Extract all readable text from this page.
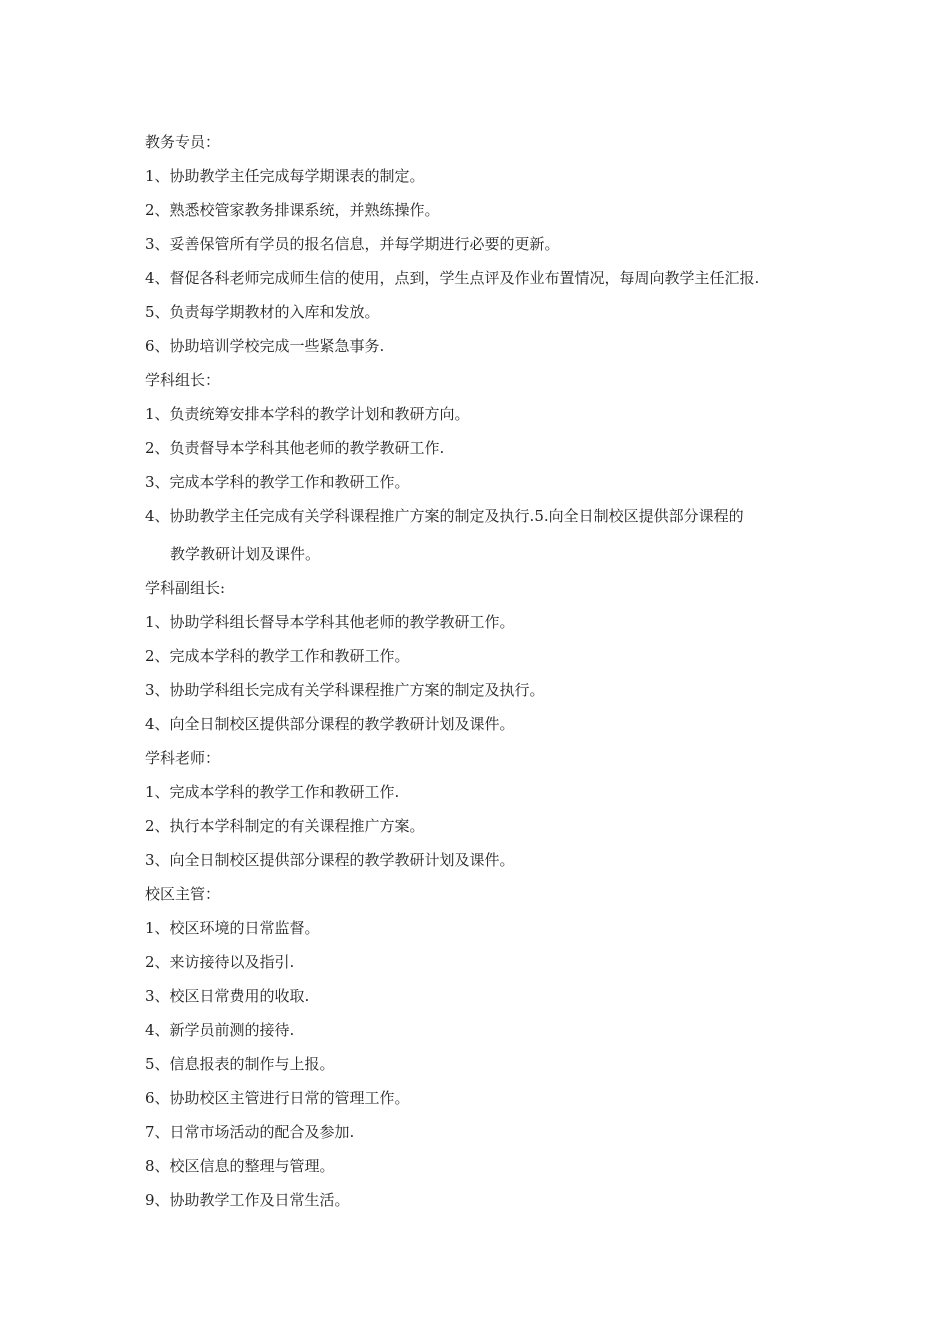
教务专员：
1、协助教学主任完成每学期课表的制定。
2、熟悉校管家教务排课系统，并熟练操作。
3、妥善保管所有学员的报名信息，并每学期进行必要的更新。
4、督促各科老师完成师生信的使用，点到，学生点评及作业布置情况，每周向教学主任汇报.
5、负责每学期教材的入库和发放。
6、协助培训学校完成一些紧急事务.
学科组长：
1、负责统筹安排本学科的教学计划和教研方向。
2、负责督导本学科其他老师的教学教研工作.
3、完成本学科的教学工作和教研工作。
4、 协助教学主任完成有关学科课程推广方案的制定及执行.5.向全日制校区提供部分课程的
教学教研计划及课件。
学科副组长:
1、协助学科组长督导本学科其他老师的教学教研工作。
2、完成本学科的教学工作和教研工作。
3、协助学科组长完成有关学科课程推广方案的制定及执行。
4、向全日制校区提供部分课程的教学教研计划及课件。
学科老师：
1、完成本学科的教学工作和教研工作.
2、执行本学科制定的有关课程推广方案。
3、向全日制校区提供部分课程的教学教研计划及课件。
校区主管：
1、校区环境的日常监督。
2、来访接待以及指引.
3、校区日常费用的收取.
4、新学员前测的接待.
5、信息报表的制作与上报。
6、协助校区主管进行日常的管理工作。
7、日常市场活动的配合及参加.
8、校区信息的整理与管理。
9、协助教学工作及日常生活。
